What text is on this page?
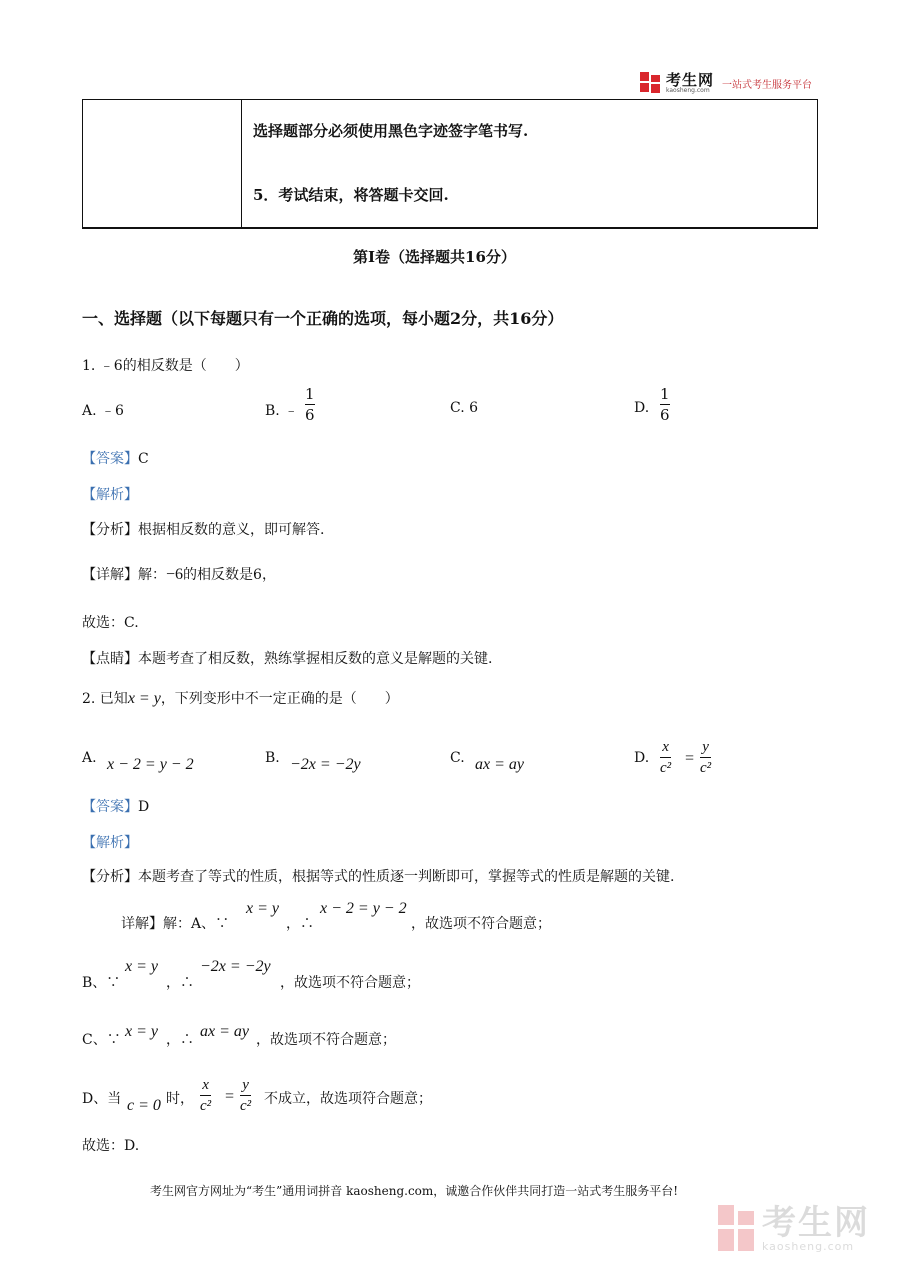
考生网
kaosheng.com	一站式考生服务平台
选择题部分必须使用黑色字迹签字笔书写.
5．考试结束，将答题卡交回.
第Ⅰ卷（选择题共16分）
一、选择题（以下每题只有一个正确的选项，每小题2分，共16分）
1. ﹣6的相反数是（　　）
A. ﹣6	B. ﹣
1
6	C. 6	D.
1
6
【答案】C
【解析】
【分析】根据相反数的意义，即可解答.
【详解】解：−6的相反数是6，
故选：C.
【点睛】本题考查了相反数，熟练掌握相反数的意义是解题的关键.
2. 已知x = y，下列变形中不一定正确的是（　　）
A. x − 2 = y − 2	B. −2x = −2y	C. ax = ay	D.
x
c²
=
y
c²
【答案】D
【解析】
【分析】本题考查了等式的性质，根据等式的性质逐一判断即可，掌握等式的性质是解题的关键.
详解】解：A、∵
x = y
，∴
x − 2 = y − 2
，故选项不符合题意；
B、∵
x = y
，∴
−2x = −2y
，故选项不符合题意；
C、∵ x = y ，∴ ax = ay ，故选项不符合题意；
D、当 c = 0 时，
x
c²
=
y
c² 不成立，故选项符合题意；
故选：D.
考生网官方网址为“考生”通用词拼音 kaosheng.com，诚邀合作伙伴共同打造一站式考生服务平台!
考生网
kaosheng.com
